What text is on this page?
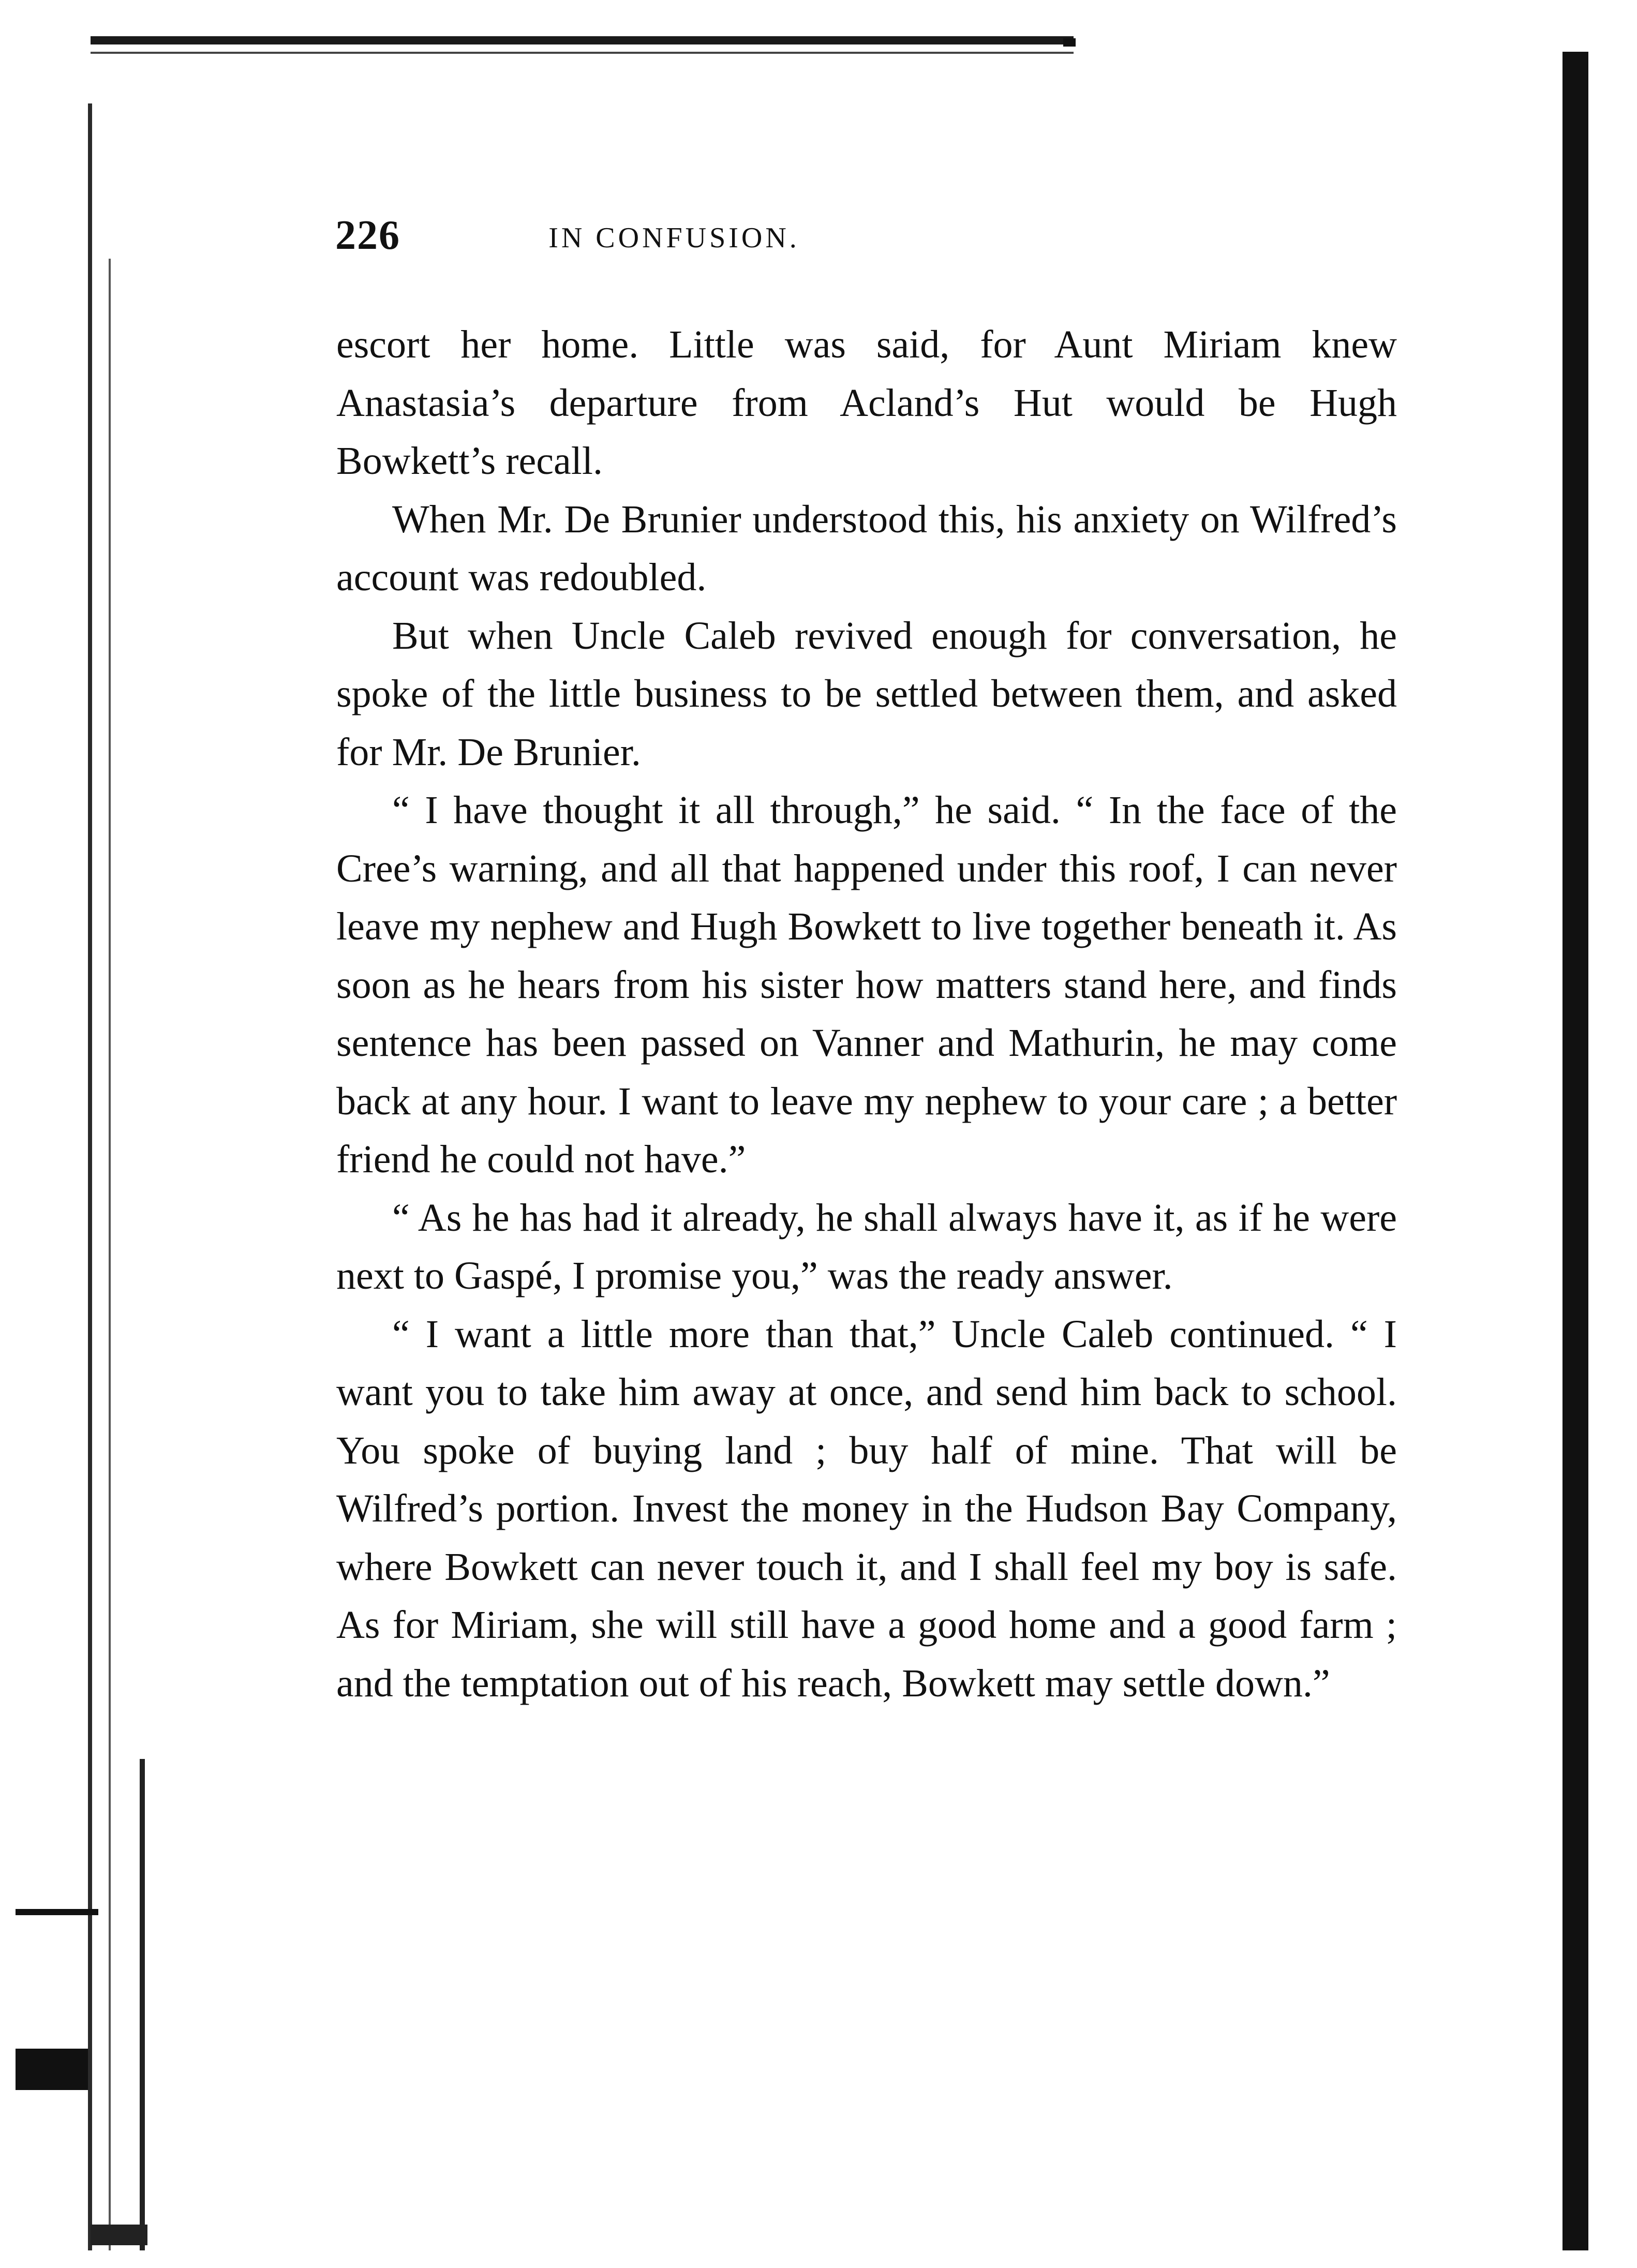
226	IN CONFUSION.

escort her home. Little was said, for Aunt Miriam knew Anastasia’s departure from Acland’s Hut would be Hugh Bowkett’s recall.

When Mr. De Brunier understood this, his anxiety on Wilfred’s account was redoubled.

But when Uncle Caleb revived enough for conversation, he spoke of the little business to be settled between them, and asked for Mr. De Brunier.

“ I have thought it all through,” he said. “ In the face of the Cree’s warning, and all that happened under this roof, I can never leave my nephew and Hugh Bowkett to live together beneath it. As soon as he hears from his sister how matters stand here, and finds sentence has been passed on Vanner and Mathurin, he may come back at any hour. I want to leave my nephew to your care ; a better friend he could not have.”

“ As he has had it already, he shall always have it, as if he were next to Gaspé, I promise you,” was the ready answer.

“ I want a little more than that,” Uncle Caleb continued. “ I want you to take him away at once, and send him back to school. You spoke of buying land ; buy half of mine. That will be Wilfred’s portion. Invest the money in the Hudson Bay Company, where Bowkett can never touch it, and I shall feel my boy is safe. As for Miriam, she will still have a good home and a good farm ; and the temptation out of his reach, Bowkett may settle down.”
